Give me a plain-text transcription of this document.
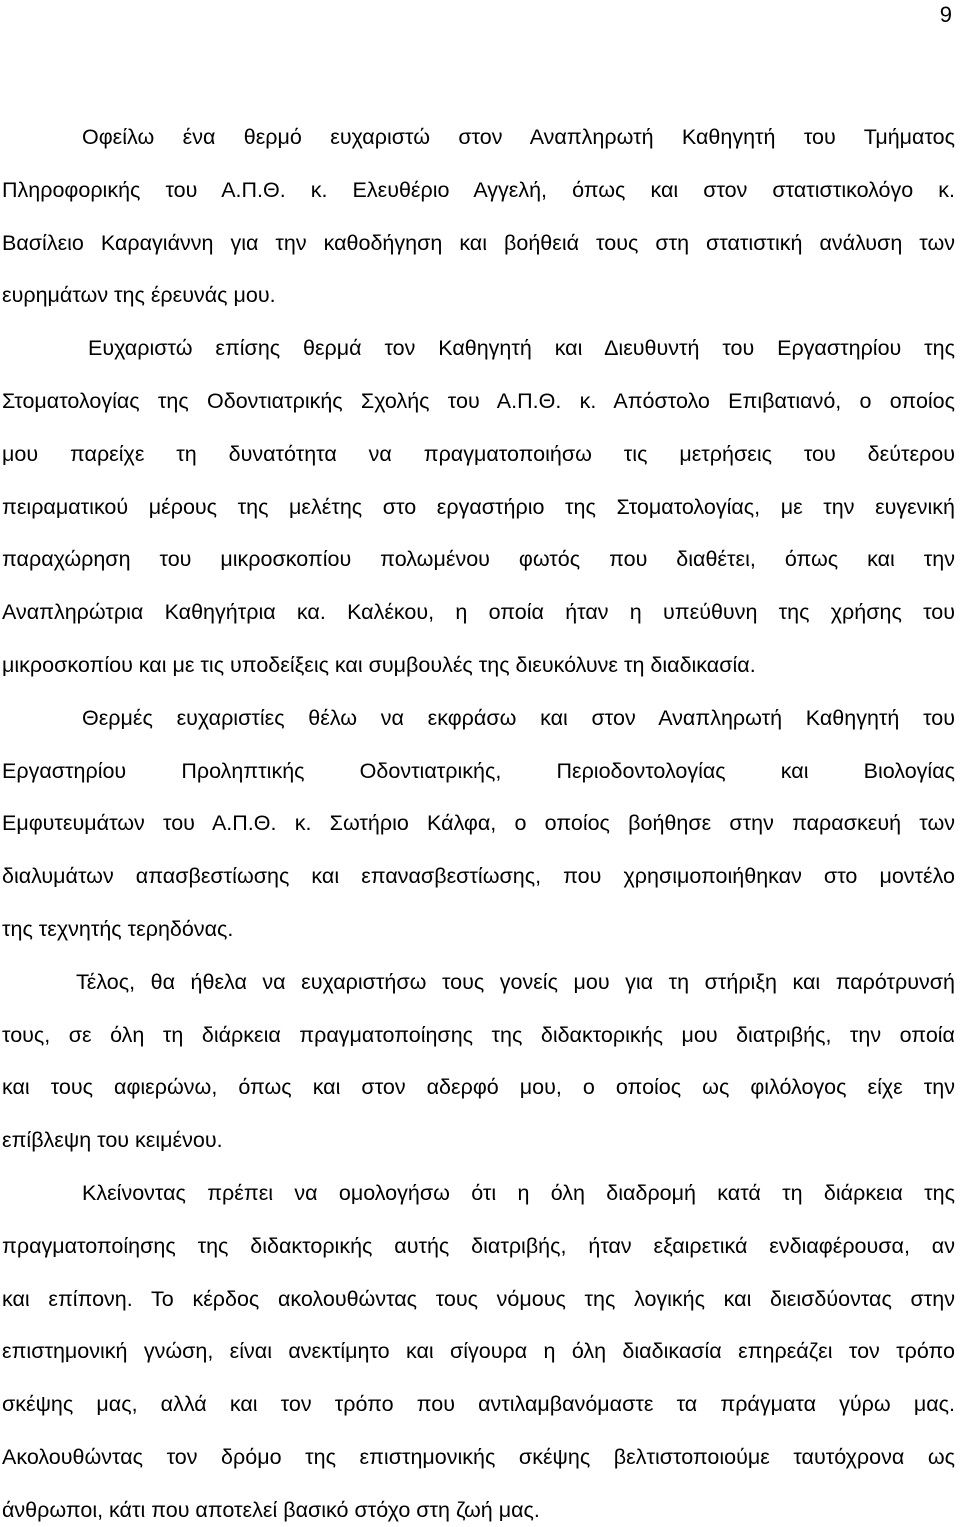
9
Οφείλω ένα θερμό ευχαριστώ στον Αναπληρωτή Καθηγητή του Τμήματος
Πληροφορικής του Α.Π.Θ. κ. Ελευθέριο Αγγελή, όπως και στον στατιστικολόγο κ.
Βασίλειο Καραγιάννη για την καθοδήγηση και βοήθειά τους στη στατιστική ανάλυση των
ευρημάτων της έρευνάς μου.
Ευχαριστώ επίσης θερμά τον Καθηγητή και Διευθυντή του Εργαστηρίου της
Στοματολογίας της Οδοντιατρικής Σχολής του Α.Π.Θ. κ. Απόστολο Επιβατιανό, ο οποίος
μου παρείχε τη δυνατότητα να πραγματοποιήσω τις μετρήσεις του δεύτερου
πειραματικού μέρους της μελέτης στο εργαστήριο της Στοματολογίας, με την ευγενική
παραχώρηση του μικροσκοπίου πολωμένου φωτός που διαθέτει, όπως και την
Αναπληρώτρια Καθηγήτρια κα. Καλέκου, η οποία ήταν η υπεύθυνη της χρήσης του
μικροσκοπίου και με τις υποδείξεις και συμβουλές της διευκόλυνε τη διαδικασία.
Θερμές ευχαριστίες θέλω να εκφράσω και στον Αναπληρωτή Καθηγητή του
Εργαστηρίου Προληπτικής Οδοντιατρικής, Περιοδοντολογίας και Βιολογίας
Εμφυτευμάτων του Α.Π.Θ. κ. Σωτήριο Κάλφα, ο οποίος βοήθησε στην παρασκευή των
διαλυμάτων απασβεστίωσης και επανασβεστίωσης, που χρησιμοποιήθηκαν στο μοντέλο
της τεχνητής τερηδόνας.
Τέλος, θα ήθελα να ευχαριστήσω τους γονείς μου για τη στήριξη και παρότρυνσή
τους, σε όλη τη διάρκεια πραγματοποίησης της διδακτορικής μου διατριβής, την οποία
και τους αφιερώνω, όπως και στον αδερφό μου, ο οποίος ως φιλόλογος είχε την
επίβλεψη του κειμένου.
Κλείνοντας πρέπει να ομολογήσω ότι η όλη διαδρομή κατά τη διάρκεια της
πραγματοποίησης της διδακτορικής αυτής διατριβής, ήταν εξαιρετικά ενδιαφέρουσα, αν
και επίπονη. Το κέρδος ακολουθώντας τους νόμους της λογικής και διεισδύοντας στην
επιστημονική γνώση, είναι ανεκτίμητο και σίγουρα η όλη διαδικασία επηρεάζει τον τρόπο
σκέψης μας, αλλά και τον τρόπο που αντιλαμβανόμαστε τα πράγματα γύρω μας.
Ακολουθώντας τον δρόμο της επιστημονικής σκέψης βελτιστοποιούμε ταυτόχρονα ως
άνθρωποι, κάτι που αποτελεί βασικό στόχο στη ζωή μας.
